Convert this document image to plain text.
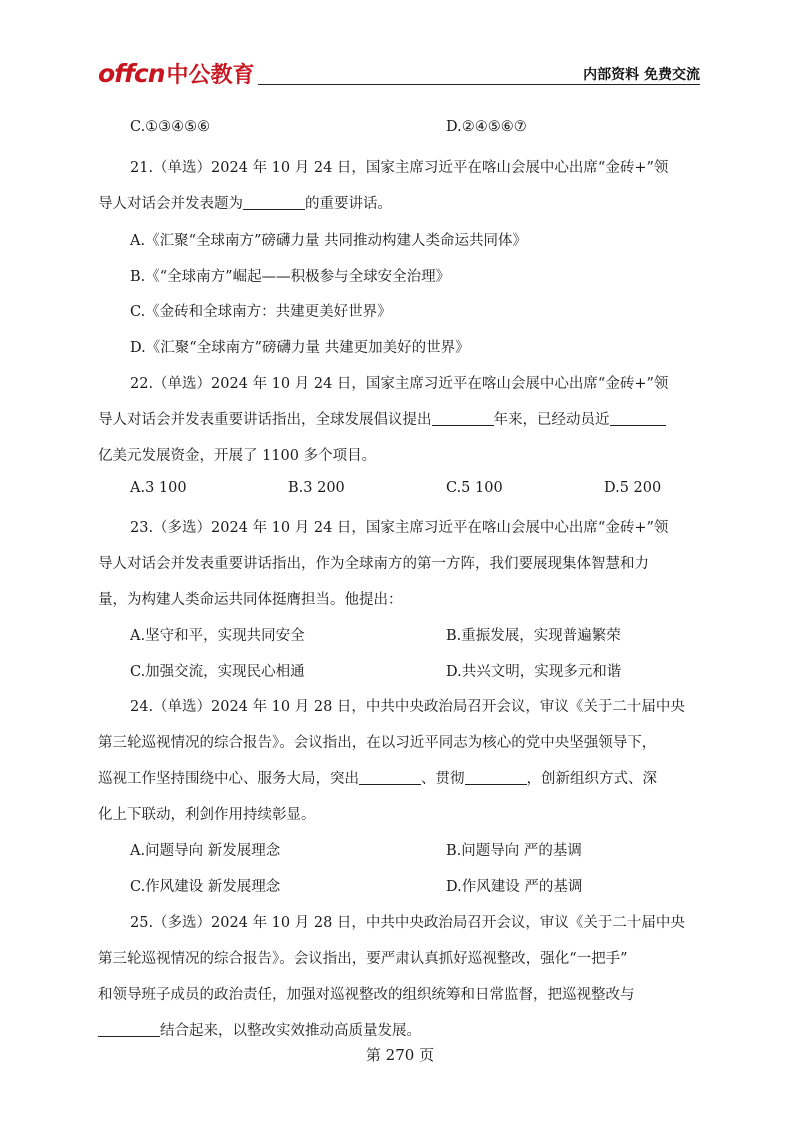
offcn 中公教育	内部资料 免费交流
C.①③④⑤⑥	D.②④⑤⑥⑦
21.（单选）2024 年 10 月 24 日，国家主席习近平在喀山会展中心出席“金砖+”领
导人对话会并发表题为	的重要讲话。
A.《汇聚“全球南方”磅礴力量 共同推动构建人类命运共同体》
B.《“全球南方”崛起——积极参与全球安全治理》
C.《金砖和全球南方：共建更美好世界》
D.《汇聚“全球南方”磅礴力量 共建更加美好的世界》
22.（单选）2024 年 10 月 24 日，国家主席习近平在喀山会展中心出席“金砖+”领
导人对话会并发表重要讲话指出，全球发展倡议提出	年来，已经动员近
亿美元发展资金，开展了 1100 多个项目。
A.3 100	B.3 200	C.5 100	D.5 200
23.（多选）2024 年 10 月 24 日，国家主席习近平在喀山会展中心出席“金砖+”领
导人对话会并发表重要讲话指出，作为全球南方的第一方阵，我们要展现集体智慧和力
量，为构建人类命运共同体挺膺担当。他提出：
A.坚守和平，实现共同安全	B.重振发展，实现普遍繁荣
C.加强交流，实现民心相通	D.共兴文明，实现多元和谐
24.（单选）2024 年 10 月 28 日，中共中央政治局召开会议，审议《关于二十届中央
第三轮巡视情况的综合报告》。会议指出，在以习近平同志为核心的党中央坚强领导下，
巡视工作坚持围绕中心、服务大局，突出	、贯彻	，创新组织方式、深
化上下联动，利剑作用持续彰显。
A.问题导向 新发展理念	B.问题导向 严的基调
C.作风建设 新发展理念	D.作风建设 严的基调
25.（多选）2024 年 10 月 28 日，中共中央政治局召开会议，审议《关于二十届中央
第三轮巡视情况的综合报告》。会议指出，要严肃认真抓好巡视整改，强化“一把手”
和领导班子成员的政治责任，加强对巡视整改的组织统筹和日常监督，把巡视整改与
结合起来，以整改实效推动高质量发展。
第 270 页
